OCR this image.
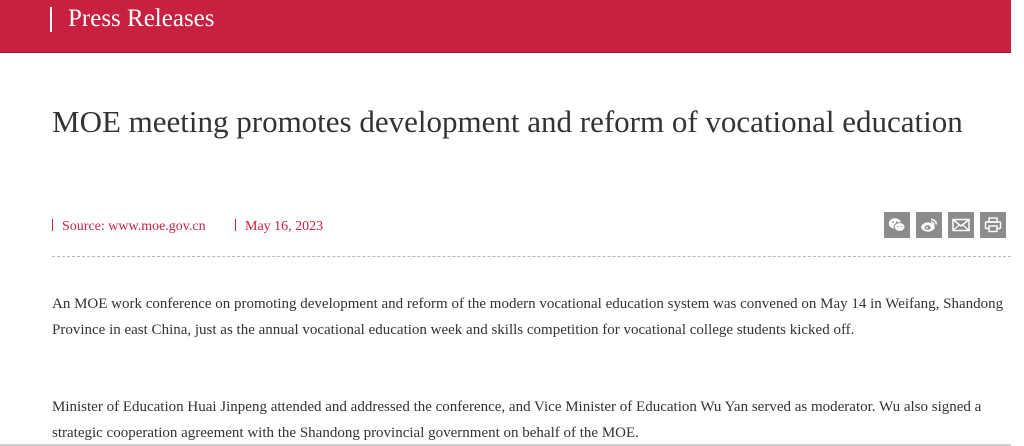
Press Releases
MOE meeting promotes development and reform of vocational education
Source: www.moe.gov.cn	May 16, 2023

An MOE work conference on promoting development and reform of the modern vocational education system was convened on May 14 in Weifang, Shandong Province in east China, just as the annual vocational education week and skills competition for vocational college students kicked off.

Minister of Education Huai Jinpeng attended and addressed the conference, and Vice Minister of Education Wu Yan served as moderator. Wu also signed a strategic cooperation agreement with the Shandong provincial government on behalf of the MOE.
